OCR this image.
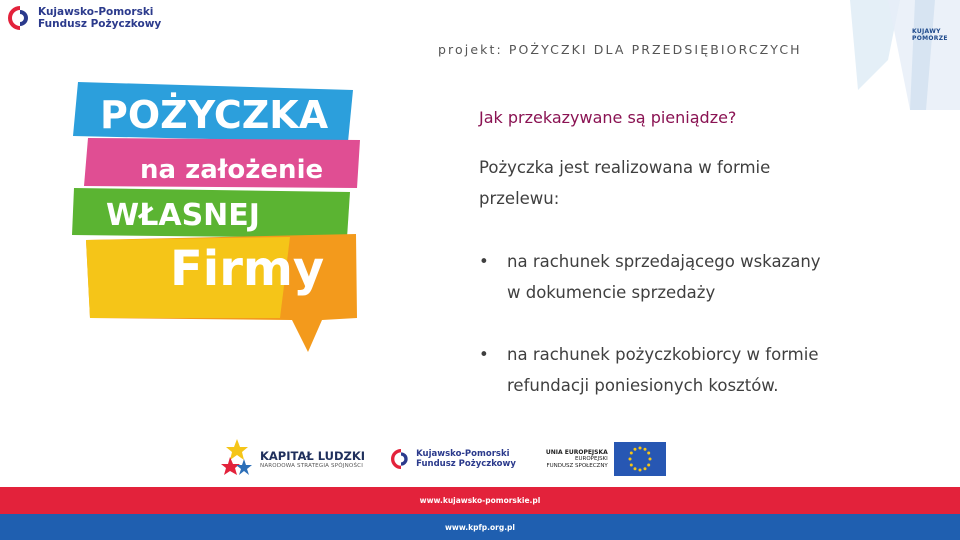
Kujawsko-Pomorski
Fundusz Pożyczkowy
KUJAWY
POMORZE
projekt: POŻYCZKI DLA PRZEDSIĘBIORCZYCH
POŻYCZKA
na założenie
WŁASNEJ
Firmy
Jak przekazywane są pieniądze?
Pożyczka jest realizowana w formie przelewu:
•	na rachunek sprzedającego wskazany w dokumencie sprzedaży
•	na rachunek pożyczkobiorcy w formie refundacji poniesionych kosztów.
KAPITAŁ LUDZKI
NARODOWA STRATEGIA SPÓJNOŚCI
Kujawsko-Pomorski
Fundusz Pożyczkowy
UNIA EUROPEJSKA
EUROPEJSKI
FUNDUSZ SPOŁECZNY
www.kujawsko-pomorskie.pl
www.kpfp.org.pl
